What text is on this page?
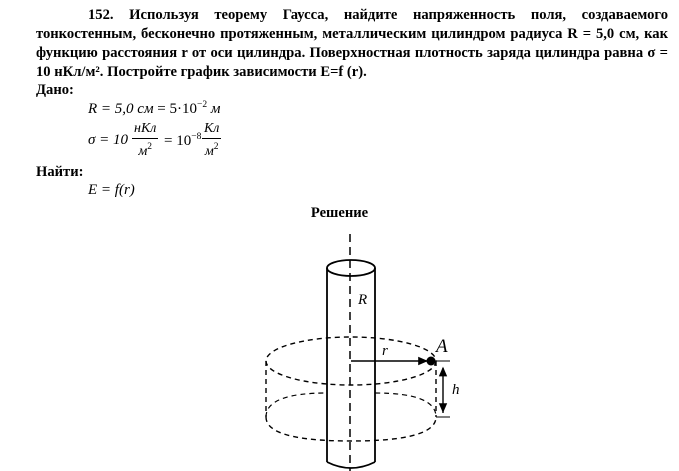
152. Используя теорему Гаусса, найдите напряженность поля, создаваемого тонкостенным, бесконечно протяженным, металлическим цилиндром радиуса R = 5,0 см, как функцию расстояния r от оси цилиндра. Поверхностная плотность заряда цилиндра равна σ = 10 нКл/м². Постройте график зависимости E=f (r).

Дано:
R = 5,0 см = $5\cdot 10^{-2}$ м
σ = 10
нКл
$м^2 = 10^{-8}$
Кл
$м^2$
Найти:
E = f(r)
Решение
R
r	A
h
